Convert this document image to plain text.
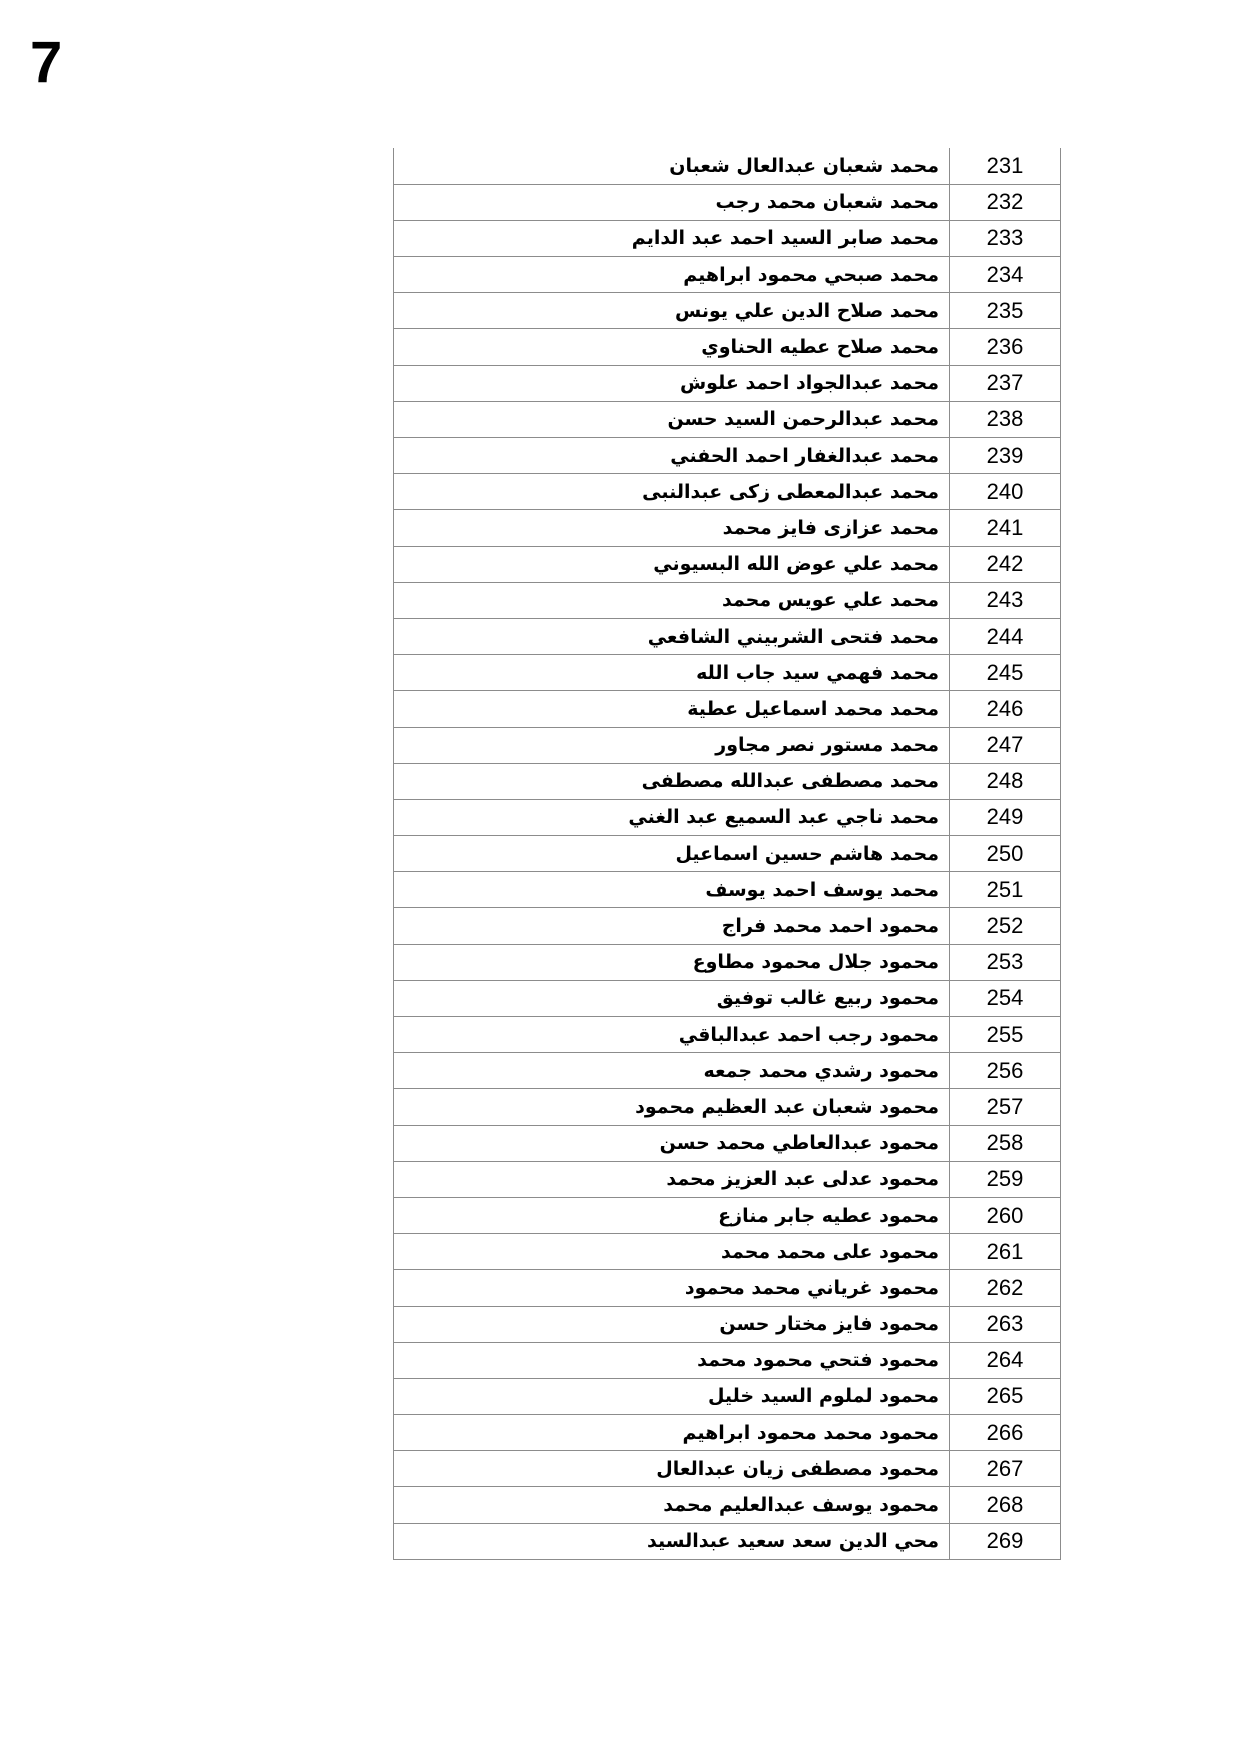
7
محمد شعبان عبدالعال شعبان	231
محمد شعبان محمد رجب	232
محمد صابر السيد احمد عبد الدايم	233
محمد صبحي محمود ابراهيم	234
محمد صلاح الدين علي يونس	235
محمد صلاح عطيه الحناوي	236
محمد عبدالجواد احمد علوش	237
محمد عبدالرحمن السيد حسن	238
محمد عبدالغفار احمد الحفني	239
محمد عبدالمعطى زكى عبدالنبى	240
محمد عزازى فايز محمد	241
محمد علي عوض الله البسيوني	242
محمد علي عويس محمد	243
محمد فتحى الشربيني الشافعي	244
محمد فهمي سيد جاب الله	245
محمد محمد اسماعيل عطية	246
محمد مستور نصر مجاور	247
محمد مصطفى عبدالله مصطفى	248
محمد ناجي عبد السميع عبد الغني	249
محمد هاشم حسين اسماعيل	250
محمد يوسف احمد يوسف	251
محمود احمد محمد فراج	252
محمود جلال محمود مطاوع	253
محمود ربيع غالب توفيق	254
محمود رجب احمد عبدالباقي	255
محمود رشدي محمد جمعه	256
محمود شعبان عبد العظيم محمود	257
محمود عبدالعاطي محمد حسن	258
محمود عدلى عبد العزيز محمد	259
محمود عطيه جابر منازع	260
محمود على محمد محمد	261
محمود غرياني محمد محمود	262
محمود فايز مختار حسن	263
محمود فتحي محمود محمد	264
محمود لملوم السيد خليل	265
محمود محمد محمود ابراهيم	266
محمود مصطفى زيان عبدالعال	267
محمود يوسف عبدالعليم محمد	268
محي الدين سعد سعيد عبدالسيد	269
